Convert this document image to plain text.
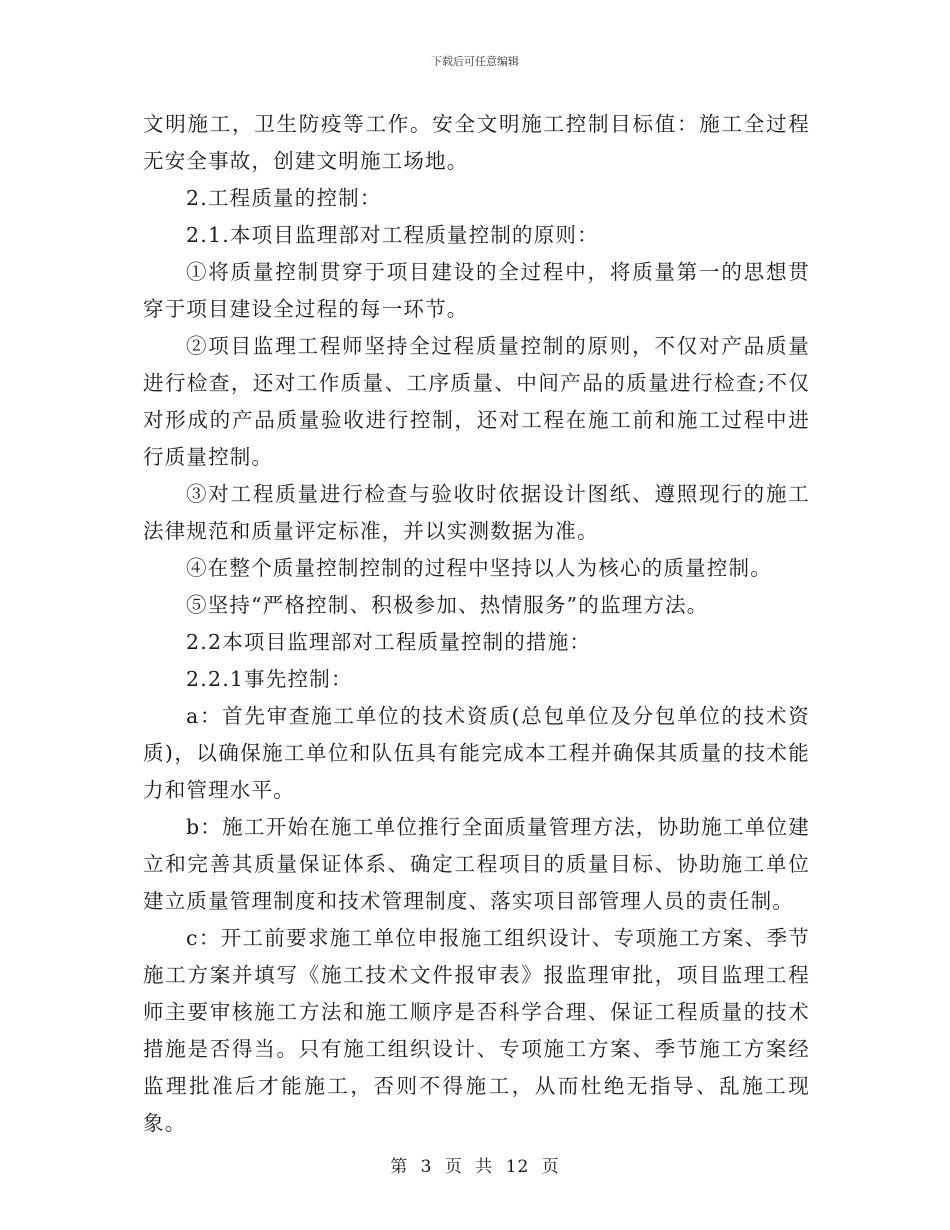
下载后可任意编辑

文明施工，卫生防疫等工作。安全文明施工控制目标值：施工全过程无安全事故，创建文明施工场地。

2.工程质量的控制：

2.1.本项目监理部对工程质量控制的原则：

①将质量控制贯穿于项目建设的全过程中，将质量第一的思想贯穿于项目建设全过程的每一环节。

②项目监理工程师坚持全过程质量控制的原则，不仅对产品质量进行检查，还对工作质量、工序质量、中间产品的质量进行检查;不仅对形成的产品质量验收进行控制，还对工程在施工前和施工过程中进行质量控制。

③对工程质量进行检查与验收时依据设计图纸、遵照现行的施工法律规范和质量评定标准，并以实测数据为准。

④在整个质量控制控制的过程中坚持以人为核心的质量控制。

⑤坚持“严格控制、积极参加、热情服务”的监理方法。

2.2本项目监理部对工程质量控制的措施：

2.2.1事先控制：

a：首先审查施工单位的技术资质(总包单位及分包单位的技术资质)，以确保施工单位和队伍具有能完成本工程并确保其质量的技术能力和管理水平。

b：施工开始在施工单位推行全面质量管理方法，协助施工单位建立和完善其质量保证体系、确定工程项目的质量目标、协助施工单位建立质量管理制度和技术管理制度、落实项目部管理人员的责任制。

c：开工前要求施工单位申报施工组织设计、专项施工方案、季节施工方案并填写《施工技术文件报审表》报监理审批，项目监理工程师主要审核施工方法和施工顺序是否科学合理、保证工程质量的技术措施是否得当。只有施工组织设计、专项施工方案、季节施工方案经监理批准后才能施工，否则不得施工，从而杜绝无指导、乱施工现象。

第 3 页 共 12 页
